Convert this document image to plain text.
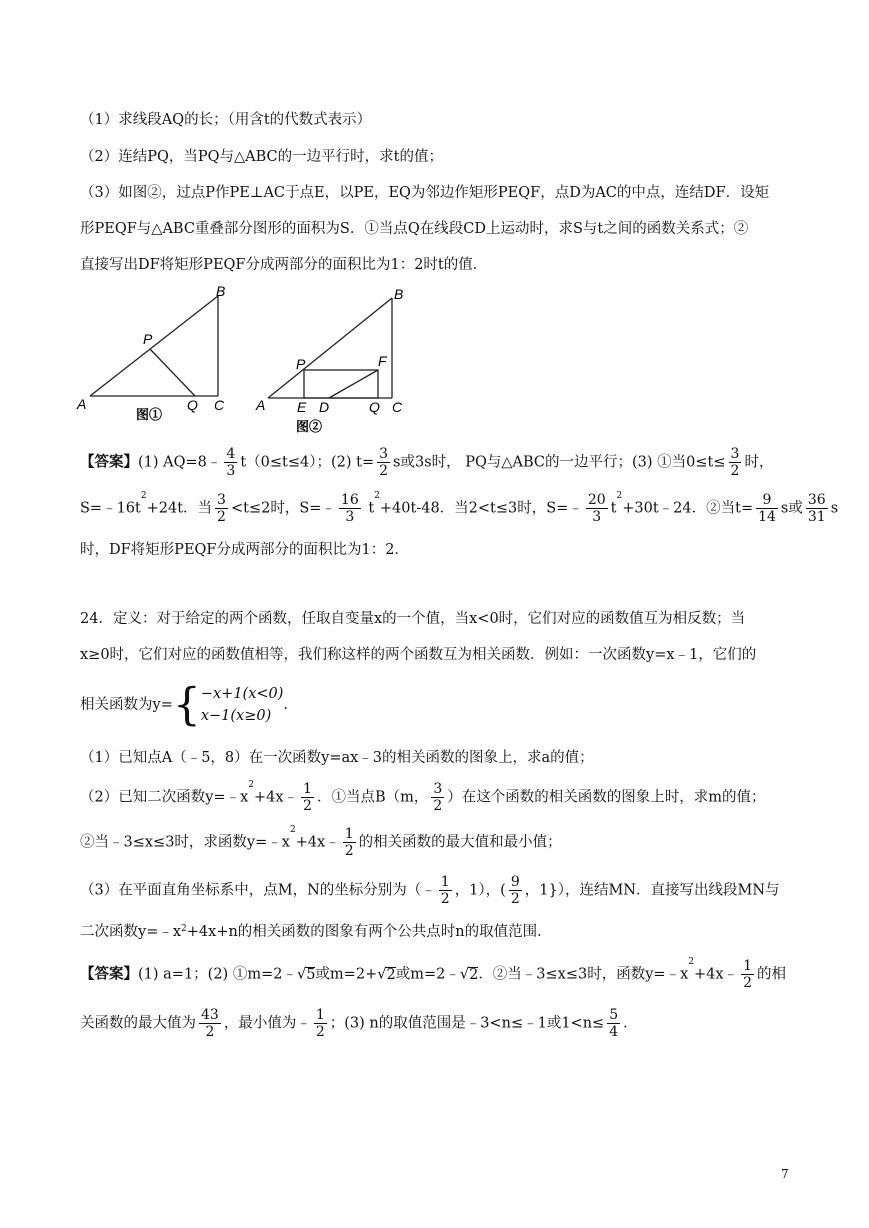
（1）求线段AQ的长；（用含t的代数式表示）
（2）连结PQ，当PQ与△ABC的一边平行时，求t的值；
（3）如图②，过点P作PE⊥AC于点E，以PE，EQ为邻边作矩形PEQF，点D为AC的中点，连结DF．设矩
形PEQF与△ABC重叠部分图形的面积为S．①当点Q在线段CD上运动时，求S与t之间的函数关系式；②
直接写出DF将矩形PEQF分成两部分的面积比为1：2时t的值．
B
P
A	Q C
图①
B
P	F
A E D	Q C
图②
【答案】(1) AQ=8﹣ $\frac{4}{3} t(0\le t\le 4)$；(2) $t= \frac{3}{2}$ s或3s时， PQ与△ABC的一边平行；(3) ①当$0\le t\le \frac{3}{2}$ 时，
$S=﹣16t^2+24t$．当 $\frac{3}{2} <t\le 2$时，S=﹣ $\frac{16}{3} t^2+40t-48$．当2<t≤3时，S=﹣ $\frac{20}{3}$ $t^2+30t﹣24$．②当$t= \frac{9}{14}$ s或 $\frac{36}{31}$ s
时，DF将矩形PEQF分成两部分的面积比为1：2．
24．定义：对于给定的两个函数，任取自变量x的一个值，当x<0时，它们对应的函数值互为相反数；当
x≥0时，它们对应的函数值相等，我们称这样的两个函数互为相关函数．例如：一次函数y=x﹣1，它们的
相关函数为y={ −x+1(x<0)
x−1(x≥0)
.
（1）已知点A（﹣5，8）在一次函数y=ax﹣3的相关函数的图象上，求a的值；
（2）已知二次函数$y=﹣x^2+4x﹣ \frac{1}{2}$ ．①当点B（m， $\frac{3}{2}$ ）在这个函数的相关函数的图象上时，求m的值；
②当﹣3≤x≤3时，求函数$y=﹣x^2+4x﹣ \frac{1}{2}$ 的相关函数的最大值和最小值；
（3）在平面直角坐标系中，点M，N的坐标分别为（﹣ $\frac{1}{2}$ ，1），( $\frac{9}{2}$ ，1}），连结MN．直接写出线段MN与
二次函数$y=﹣x^2+4x+n$的相关函数的图象有两个公共点时n的取值范围．
【答案】(1) a=1；(2) ①m=2﹣√5或m=2+√2或m=2﹣√2．②当﹣3≤x≤3时，函数$y=﹣x^2+4x﹣ \frac{1}{2}$ 的相
关函数的最大值为 $\frac{43}{2}$ ，最小值为﹣ $\frac{1}{2}$ ；(3) n的取值范围是﹣3<n≤﹣1或$1<n\le \frac{5}{4}$ ．
7
